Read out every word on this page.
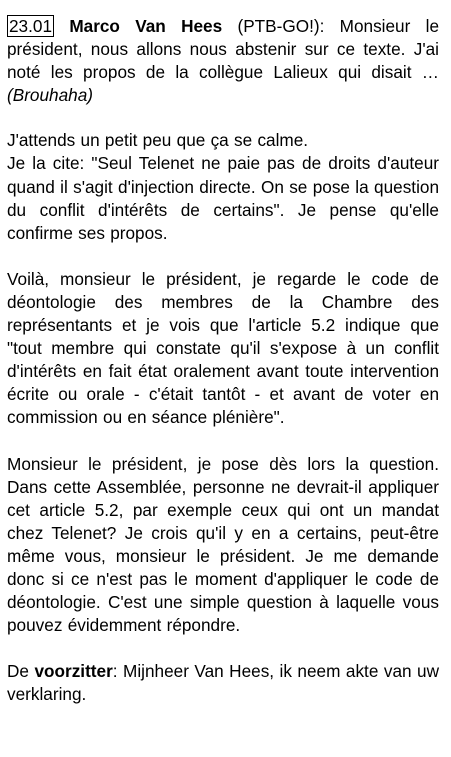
23.01 Marco Van Hees (PTB-GO!): Monsieur le président, nous allons nous abstenir sur ce texte. J'ai noté les propos de la collègue Lalieux qui disait … (Brouhaha)

J'attends un petit peu que ça se calme.

Je la cite: "Seul Telenet ne paie pas de droits d'auteur quand il s'agit d'injection directe. On se pose la question du conflit d'intérêts de certains". Je pense qu'elle confirme ses propos.

Voilà, monsieur le président, je regarde le code de déontologie des membres de la Chambre des représentants et je vois que l'article 5.2 indique que "tout membre qui constate qu'il s'expose à un conflit d'intérêts en fait état oralement avant toute intervention écrite ou orale - c'était tantôt - et avant de voter en commission ou en séance plénière".

Monsieur le président, je pose dès lors la question. Dans cette Assemblée, personne ne devrait-il appliquer cet article 5.2, par exemple ceux qui ont un mandat chez Telenet? Je crois qu'il y en a certains, peut-être même vous, monsieur le président. Je me demande donc si ce n'est pas le moment d'appliquer le code de déontologie. C'est une simple question à laquelle vous pouvez évidemment répondre.

De voorzitter: Mijnheer Van Hees, ik neem akte van uw verklaring.
